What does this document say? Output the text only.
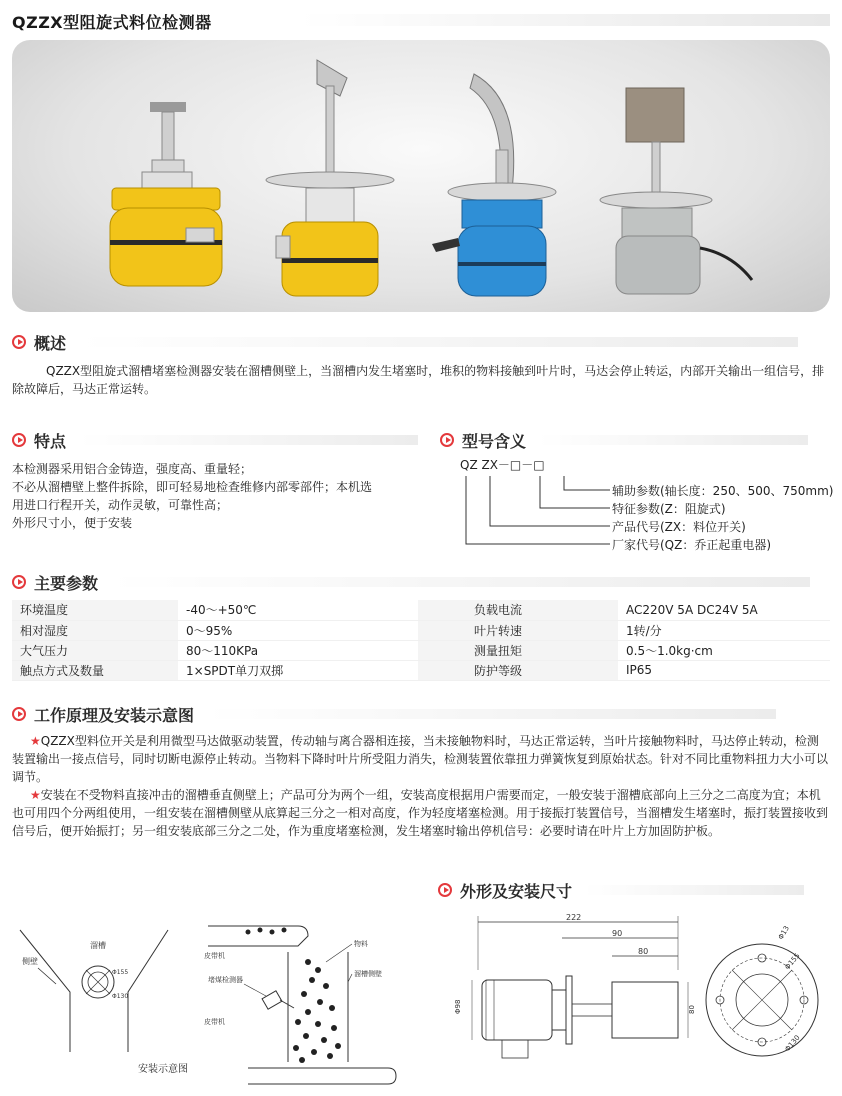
QZZX型阻旋式料位检测器
概述
QZZX型阻旋式溜槽堵塞检测器安装在溜槽侧壁上，当溜槽内发生堵塞时，堆积的物料接触到叶片时，马达会停止转运，内部开关输出一组信号，排除故障后，马达正常运转。
特点

本检测器采用铝合金铸造，强度高、重量轻；

不必从溜槽壁上整件拆除，即可轻易地检查维修内部零部件；本机选

用进口行程开关，动作灵敏，可靠性高；

外形尺寸小，便于安装

型号含义
QZ ZX－□－□
辅助参数(轴长度：250、500、750mm)
特征参数(Z：阻旋式)
产品代号(ZX：料位开关)
厂家代号(QZ：乔正起重电器)
主要参数
环境温度	-40～+50℃	负载电流	AC220V 5A DC24V 5A
相对湿度	0～95%	叶片转速	1转/分
大气压力	80～110KPa	测量扭矩	0.5～1.0kg·cm
触点方式及数量	1×SPDT单刀双掷	防护等级	IP65
工作原理及安装示意图
★QZZX型料位开关是利用微型马达做驱动装置，传动轴与离合器相连接，当未接触物料时，马达正常运转，当叶片接触物料时，马达停止转动，检测装置输出一接点信号，同时切断电源停止转动。当物料下降时叶片所受阻力消失，检测装置依靠扭力弹簧恢复到原始状态。针对不同比重物料扭力大小可以调节。
★安装在不受物料直接冲击的溜槽垂直侧壁上；产品可分为两个一组，安装高度根据用户需要而定，一般安装于溜槽底部向上三分之二高度为宜；本机也可用四个分两组使用，一组安装在溜槽侧壁从底算起三分之一相对高度，作为轻度堵塞检测。用于接振打装置信号，当溜槽发生堵塞时，振打装置接收到信号后，便开始振打；另一组安装底部三分之二处，作为重度堵塞检测，发生堵塞时输出停机信号：必要时请在叶片上方加固防护板。
外形及安装尺寸
侧壁
溜槽
Φ155
Φ130
皮带机
物料
溜槽侧壁
堵煤检测器
皮带机
安装示意图
222
90
80
Φ98	80
Φ13
Φ155
Φ130
